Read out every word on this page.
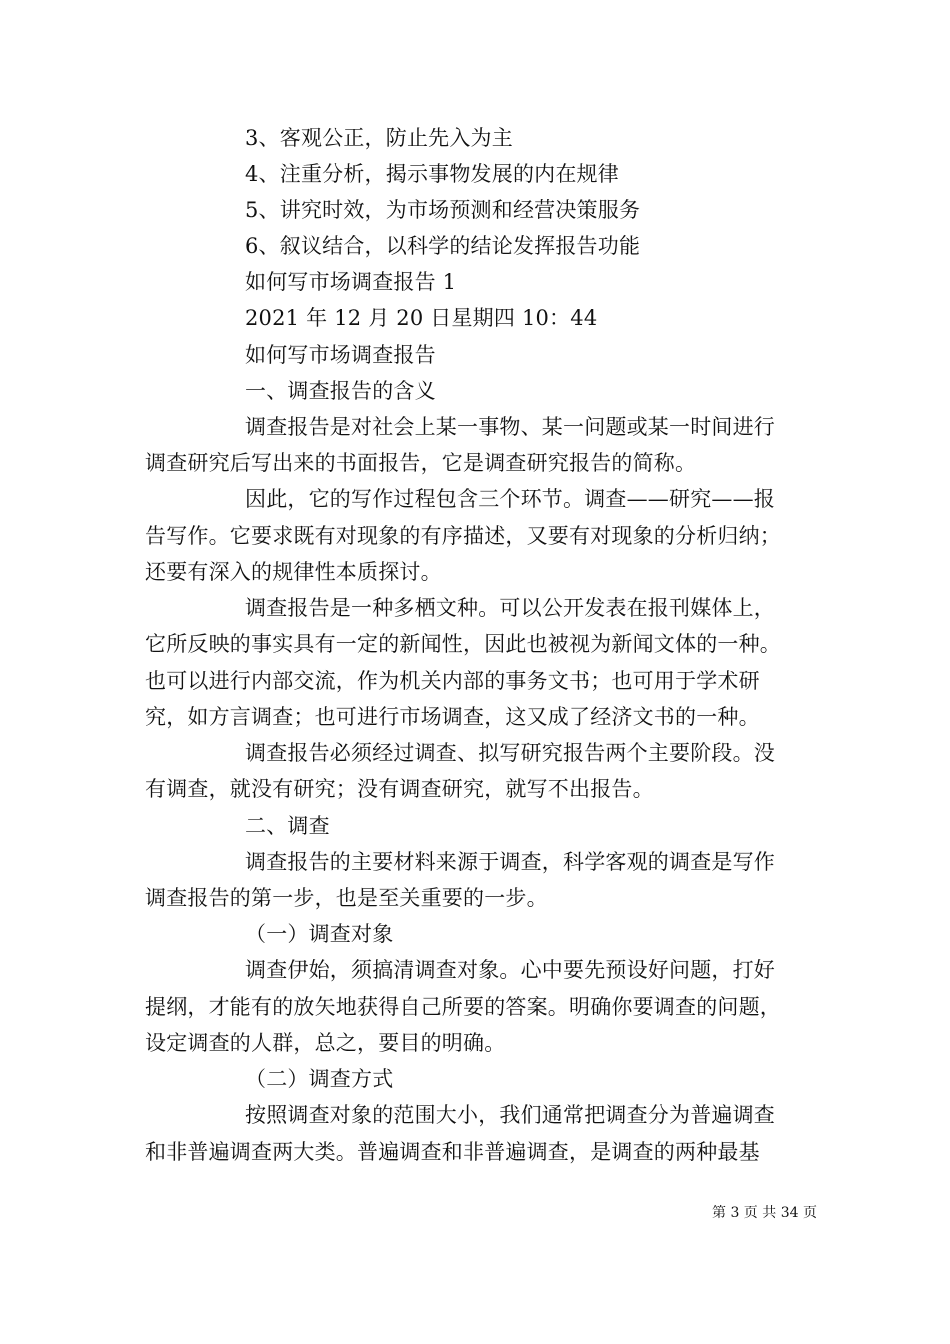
3、客观公正，防止先入为主
4、注重分析，揭示事物发展的内在规律
5、讲究时效，为市场预测和经营决策服务
6、叙议结合，以科学的结论发挥报告功能
如何写市场调查报告 1
2021 年 12 月 20 日星期四 10：44
如何写市场调查报告
一、调查报告的含义
调查报告是对社会上某一事物、某一问题或某一时间进行
调查研究后写出来的书面报告，它是调查研究报告的简称。
因此，它的写作过程包含三个环节。调查——研究——报
告写作。它要求既有对现象的有序描述，又要有对现象的分析归纳；
还要有深入的规律性本质探讨。
调查报告是一种多栖文种。可以公开发表在报刊媒体上，
它所反映的事实具有一定的新闻性，因此也被视为新闻文体的一种。
也可以进行内部交流，作为机关内部的事务文书；也可用于学术研
究，如方言调查；也可进行市场调查，这又成了经济文书的一种。
调查报告必须经过调查、拟写研究报告两个主要阶段。没
有调查，就没有研究；没有调查研究，就写不出报告。
二、调查
调查报告的主要材料来源于调查，科学客观的调查是写作
调查报告的第一步，也是至关重要的一步。
（一）调查对象
调查伊始，须搞清调查对象。心中要先预设好问题，打好
提纲，才能有的放矢地获得自己所要的答案。明确你要调查的问题，
设定调查的人群，总之，要目的明确。
（二）调查方式
按照调查对象的范围大小，我们通常把调查分为普遍调查
和非普遍调查两大类。普遍调查和非普遍调查，是调查的两种最基
第 3 页 共 34 页
